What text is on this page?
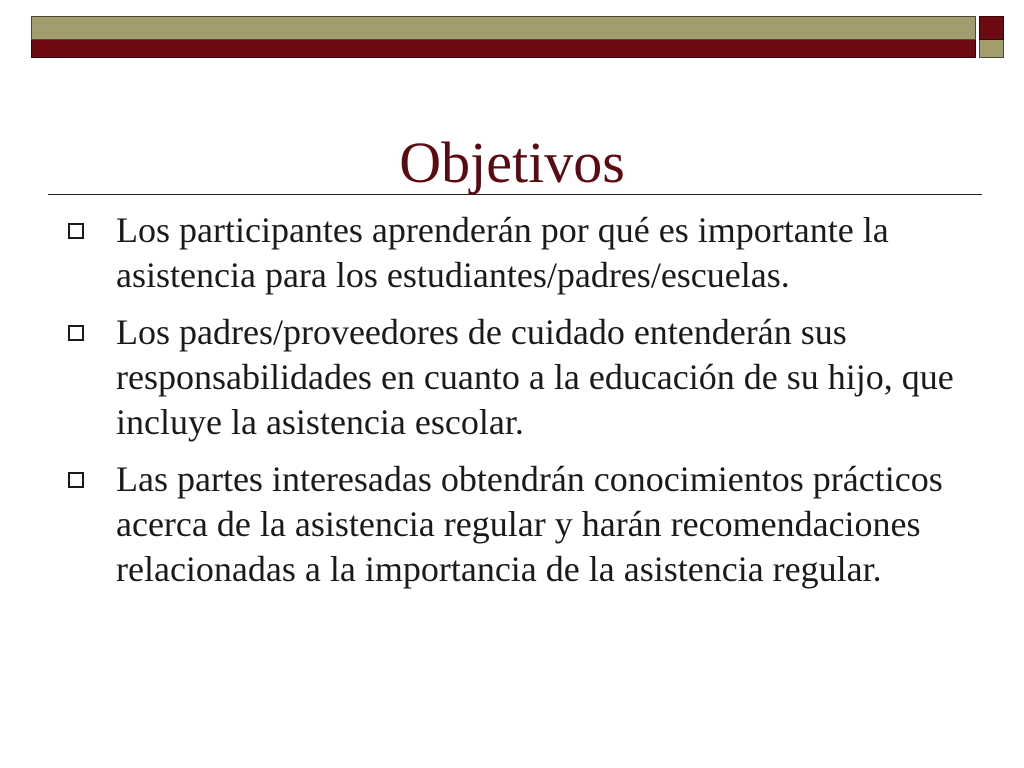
Objetivos
Los participantes aprenderán por qué es importante la asistencia para los estudiantes/padres/escuelas.
Los padres/proveedores de cuidado entenderán sus responsabilidades en cuanto a la educación de su hijo, que incluye la asistencia escolar.
Las partes interesadas obtendrán conocimientos prácticos acerca de la asistencia regular y harán recomendaciones relacionadas a la importancia de la asistencia regular.
